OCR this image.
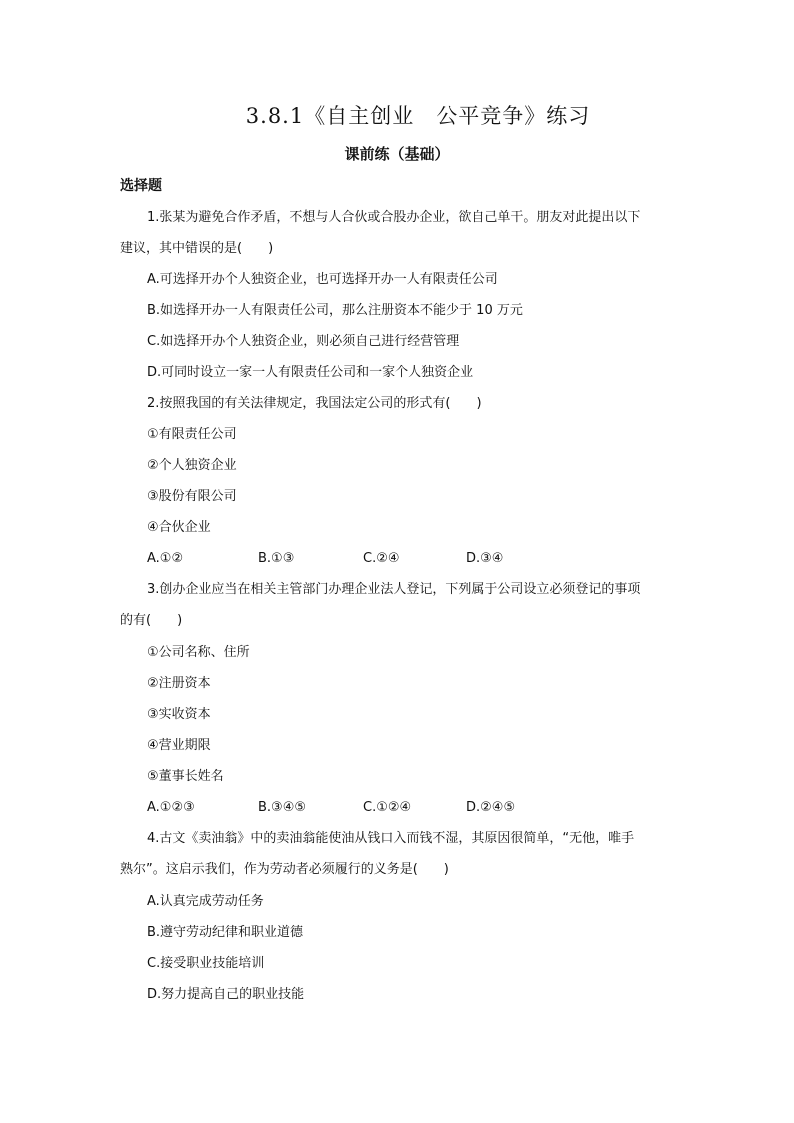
3.8.1《自主创业　公平竞争》练习
课前练（基础）
选择题
1.张某为避免合作矛盾，不想与人合伙或合股办企业，欲自己单干。朋友对此提出以下
建议，其中错误的是(　　)
A.可选择开办个人独资企业，也可选择开办一人有限责任公司
B.如选择开办一人有限责任公司，那么注册资本不能少于 10 万元
C.如选择开办个人独资企业，则必须自己进行经营管理
D.可同时设立一家一人有限责任公司和一家个人独资企业
2.按照我国的有关法律规定，我国法定公司的形式有(　　)
①有限责任公司
②个人独资企业
③股份有限公司
④合伙企业
A.①②	B.①③	C.②④	D.③④
3.创办企业应当在相关主管部门办理企业法人登记，下列属于公司设立必须登记的事项
的有(　　)
①公司名称、住所
②注册资本
③实收资本
④营业期限
⑤董事长姓名
A.①②③	B.③④⑤	C.①②④	D.②④⑤
4.古文《卖油翁》中的卖油翁能使油从钱口入而钱不湿，其原因很简单，“无他，唯手
熟尔”。这启示我们，作为劳动者必须履行的义务是(　　)
A.认真完成劳动任务
B.遵守劳动纪律和职业道德
C.接受职业技能培训
D.努力提高自己的职业技能
